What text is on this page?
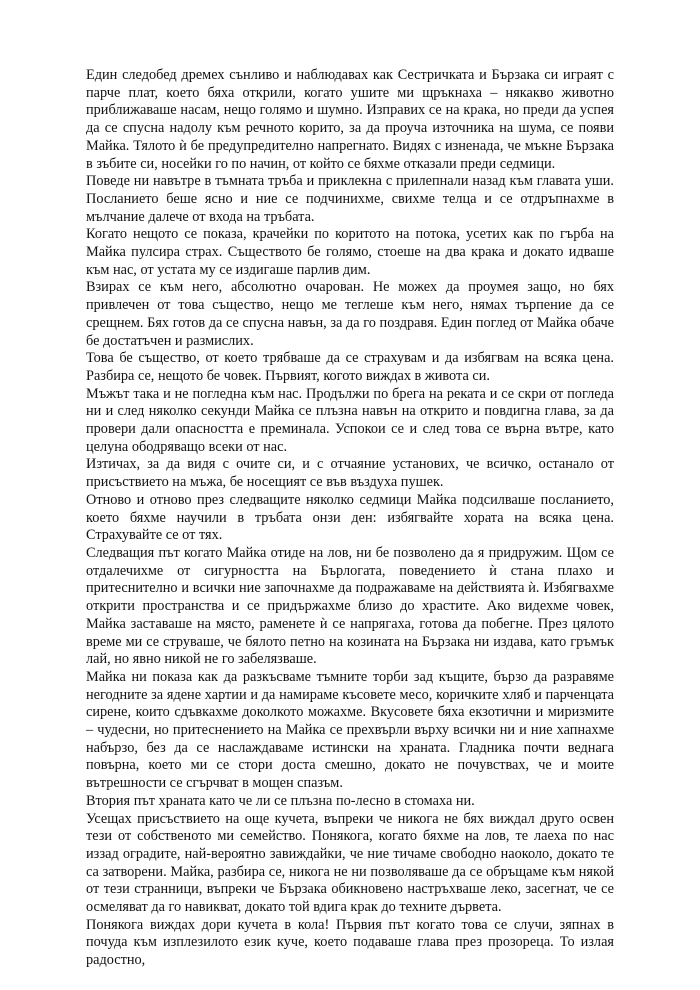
Един следобед дремех сънливо и наблюдавах как Сестричката и Бързака си играят с парче плат, което бяха открили, когато ушите ми щръкнаха – някакво животно приближаваше насам, нещо голямо и шумно. Изправих се на крака, но преди да успея да се спусна надолу към речното корито, за да проуча източника на шума, се появи Майка. Тялото ѝ бе предупредително напрегнато. Видях с изненада, че мъкне Бързака в зъбите си, носейки го по начин, от който се бяхме отказали преди седмици.

Поведе ни навътре в тъмната тръба и приклекна с прилепнали назад към главата уши. Посланието беше ясно и ние се подчинихме, свихме телца и се отдръпнахме в мълчание далече от входа на тръбата.

Когато нещото се показа, крачейки по коритото на потока, усетих как по гърба на Майка пулсира страх. Съществото бе голямо, стоеше на два крака и докато идваше към нас, от устата му се издигаше парлив дим.

Взирах се към него, абсолютно очарован. Не можех да проумея защо, но бях привлечен от това същество, нещо ме теглеше към него, нямах търпение да се срещнем. Бях готов да се спусна навън, за да го поздравя. Един поглед от Майка обаче бе достатъчен и размислих.

Това бе същество, от което трябваше да се страхувам и да избягвам на всяка цена. Разбира се, нещото бе човек. Първият, когото виждах в живота си.

Мъжът така и не погледна към нас. Продължи по брега на реката и се скри от погледа ни и след няколко секунди Майка се плъзна навън на открито и повдигна глава, за да провери дали опасността е преминала. Успокои се и след това се върна вътре, като целуна ободряващо всеки от нас.

Изтичах, за да видя с очите си, и с отчаяние установих, че всичко, останало от присъствието на мъжа, бе носещият се във въздуха пушек.

Отново и отново през следващите няколко седмици Майка подсилваше посланието, което бяхме научили в тръбата онзи ден: избягвайте хората на всяка цена. Страхувайте се от тях.

Следващия път когато Майка отиде на лов, ни бе позволено да я придружим. Щом се отдалечихме от сигурността на Бърлогата, поведението ѝ стана плахо и притеснително и всички ние започнахме да подражаваме на действията ѝ. Избягвахме открити пространства и се придържахме близо до храстите. Ако видехме човек, Майка заставаше на място, раменете ѝ се напрягаха, готова да побегне. През цялото време ми се струваше, че бялото петно на козината на Бързака ни издава, като гръмък лай, но явно никой не го забелязваше.

Майка ни показа как да разкъсваме тъмните торби зад къщите, бързо да разравяме негодните за ядене хартии и да намираме късовете месо, коричките хляб и парченцата сирене, които сдъвкахме доколкото можахме. Вкусовете бяха екзотични и миризмите – чудесни, но притеснението на Майка се прехвърли върху всички ни и ние хапнахме набързо, без да се наслаждаваме истински на храната. Гладника почти веднага повърна, което ми се стори доста смешно, докато не почувствах, че и моите вътрешности се сгърчват в мощен спазъм.

Втория път храната като че ли се плъзна по-лесно в стомаха ни.

Усещах присъствието на още кучета, въпреки че никога не бях виждал друго освен тези от собственото ми семейство. Понякога, когато бяхме на лов, те лаеха по нас иззад оградите, най-вероятно завиждайки, че ние тичаме свободно наоколо, докато те са затворени. Майка, разбира се, никога не ни позволяваше да се обръщаме към някой от тези странници, въпреки че Бързака обикновено настръхваше леко, засегнат, че се осмеляват да го навикват, докато той вдига крак до техните дървета.

Понякога виждах дори кучета в кола! Първия път когато това се случи, зяпнах в почуда към изплезилото език куче, което подаваше глава през прозореца. То излая радостно,
